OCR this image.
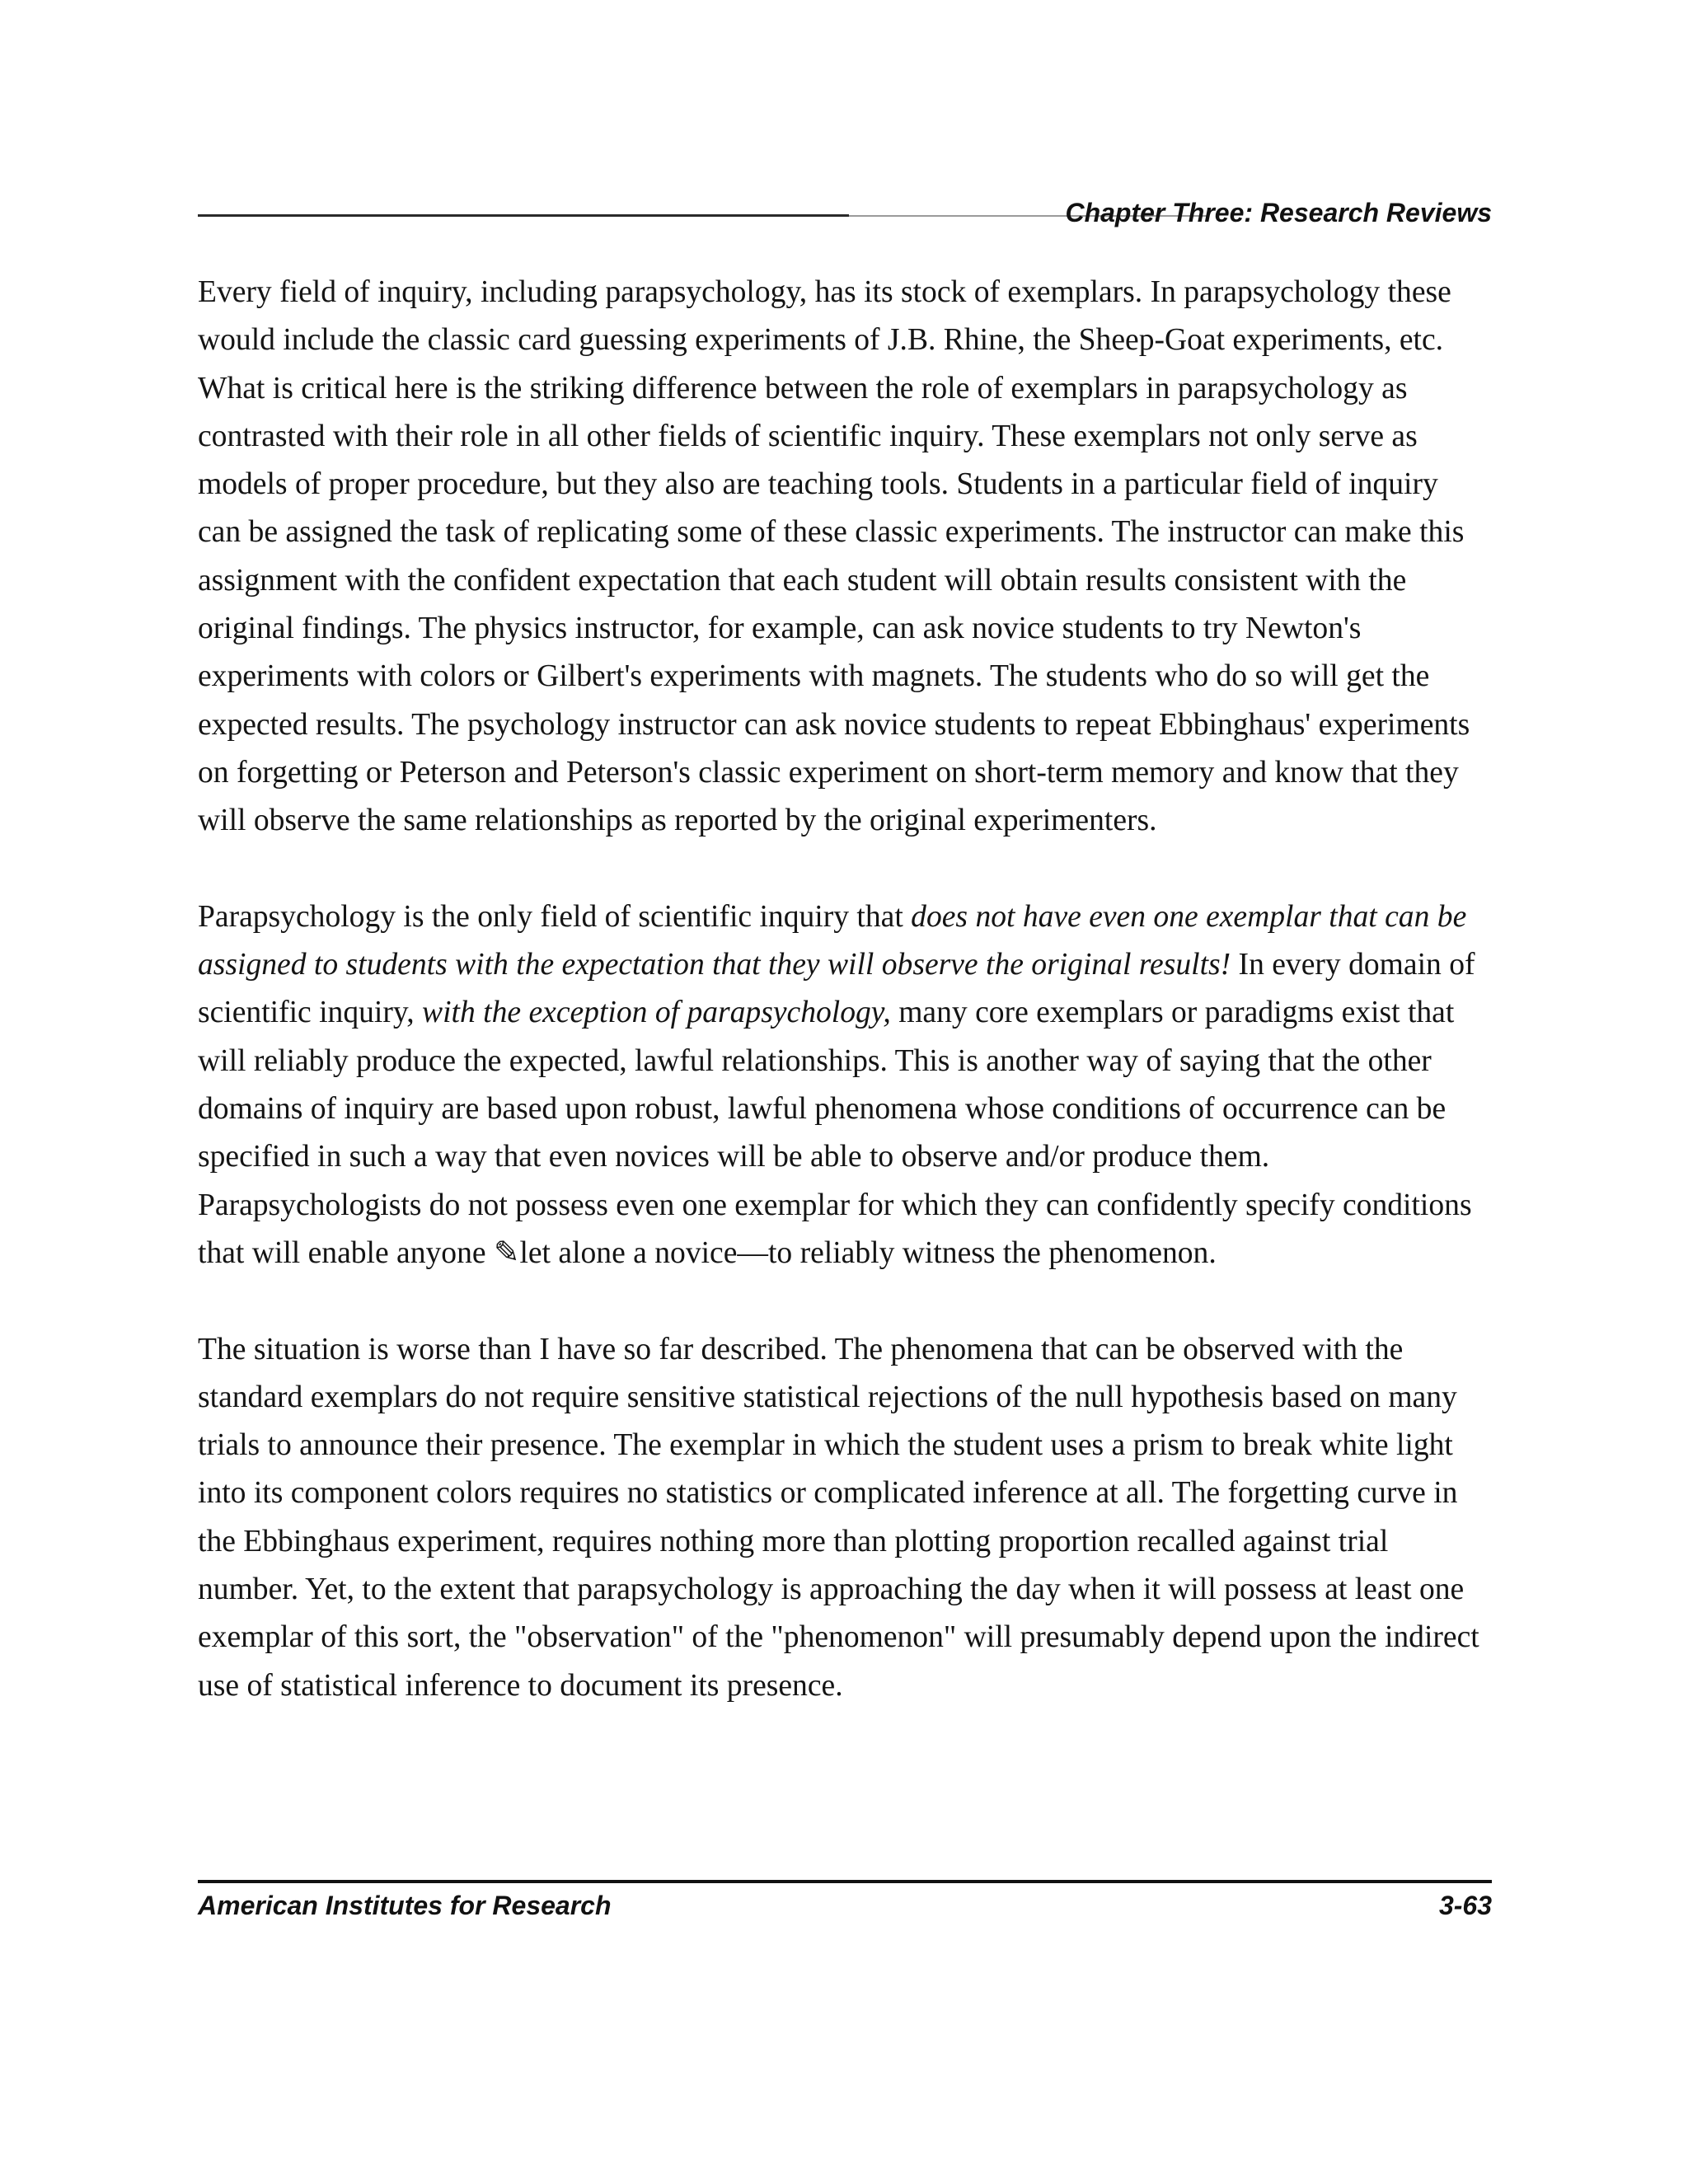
Chapter Three: Research Reviews

Every field of inquiry, including parapsychology, has its stock of exemplars. In parapsychology these would include the classic card guessing experiments of J.B. Rhine, the Sheep-Goat experiments, etc. What is critical here is the striking difference between the role of exemplars in parapsychology as contrasted with their role in all other fields of scientific inquiry. These exemplars not only serve as models of proper procedure, but they also are teaching tools. Students in a particular field of inquiry can be assigned the task of replicating some of these classic experiments. The instructor can make this assignment with the confident expectation that each student will obtain results consistent with the original findings. The physics instructor, for example, can ask novice students to try Newton's experiments with colors or Gilbert's experiments with magnets. The students who do so will get the expected results. The psychology instructor can ask novice students to repeat Ebbinghaus' experiments on forgetting or Peterson and Peterson's classic experiment on short-term memory and know that they will observe the same relationships as reported by the original experimenters.

Parapsychology is the only field of scientific inquiry that does not have even one exemplar that can be assigned to students with the expectation that they will observe the original results! In every domain of scientific inquiry, with the exception of parapsychology, many core exemplars or paradigms exist that will reliably produce the expected, lawful relationships. This is another way of saying that the other domains of inquiry are based upon robust, lawful phenomena whose conditions of occurrence can be specified in such a way that even novices will be able to observe and/or produce them. Parapsychologists do not possess even one exemplar for which they can confidently specify conditions that will enable anyone ✎let alone a novice—to reliably witness the phenomenon.

The situation is worse than I have so far described. The phenomena that can be observed with the standard exemplars do not require sensitive statistical rejections of the null hypothesis based on many trials to announce their presence. The exemplar in which the student uses a prism to break white light into its component colors requires no statistics or complicated inference at all. The forgetting curve in the Ebbinghaus experiment, requires nothing more than plotting proportion recalled against trial number. Yet, to the extent that parapsychology is approaching the day when it will possess at least one exemplar of this sort, the "observation" of the "phenomenon" will presumably depend upon the indirect use of statistical inference to document its presence.

American Institutes for Research	3-63
